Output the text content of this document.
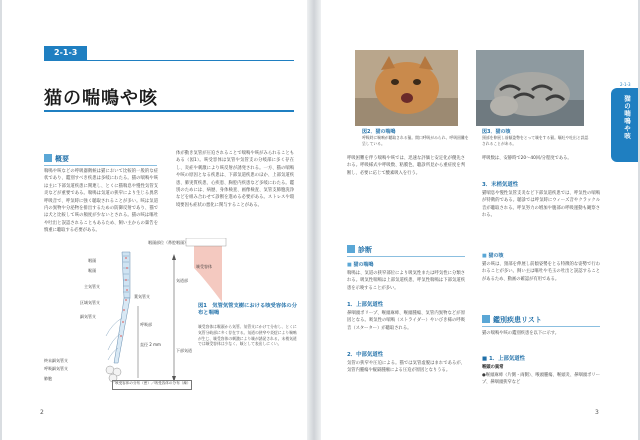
2-1-3
猫の喘鳴や咳
概要

喘鳴や咳などの呼吸器徴候は猫において比較的一般的な症状であり、鑑別すべき疾患は多岐にわたる。猫の喘鳴や咳は主に下部気道疾患に関連し、とくに猫喘息や慢性気管支炎などが重要である。喘鳴は気道の狭窄により生じる異常呼吸音で、呼気時に強く聴取されることが多い。咳は気道内の異物や分泌物を排出するための防御反射であり、猫では犬と比較して咳の頻度が少ないとされる。猫の咳は嘔吐や吐出と誤認されることもあるため、飼い主からの稟告を慎重に聴取する必要がある。

体が動き気管が圧迫されることで喘鳴や咳がみられることもある（図1）。咳受容体は気管や気管支の分岐部に多く存在し、炎症や刺激により咳反射が誘発される。一方、猫の喘鳴や咳の原因となる疾患は、下部気道疾患のほか、上部気道疾患、肺実質疾患、心疾患、胸腔内疾患など多岐にわたる。鑑別のためには、病歴、身体検査、画像検査、気管支肺胞洗浄などを組み合わせて診断を進める必要がある。ストレスや環境要因も症状の悪化に関与することがある。

咽頭部位（鼻腔咽頭）
咽頭
喉頭
主気管支
葉気管支
区域気管支
細気管支
気道部
呼吸部
直径 2 mm
下部気道
終末細気管支
呼吸細気管支
肺胞
咳受容体
図1　気管気管支樹における咳受容体の分布と喘鳴
咳受容体は喉頭から気管、気管支にかけて分布し、とくに気管分岐部に多く存在する。気道の狭窄や炎症により喘鳴が生じ、咳受容体の刺激により咳が誘発される。末梢気道では咳受容体は少なく、咳として表出しにくい。
咳受容体の分布（密）／咳受容体の分布（疎）
2
図2．猫の喘鳴
呼吸時に喘鳴が聴取される猫。開口呼吸がみられ、呼吸困難を呈している。
図3．猫の咳
頸部を伸展し前傾姿勢をとって咳をする猫。嘔吐や吐出と誤認されることがある。
2-1-3
猫の喘鳴や咳

呼吸困難を伴う喘鳴や咳では、迅速な評価と安定化が優先される。呼吸様式や呼吸数、粘膜色、聴診所見から重症度を判断し、必要に応じて酸素吸入を行う。

診断
■ 猫の喘鳴

喘鳴は、気道の狭窄部位により吸気性または呼気性に分類される。吸気性喘鳴は上部気道疾患、呼気性喘鳴は下部気道疾患を示唆することが多い。

1．上部気道性

鼻咽頭ポリープ、喉頭麻痺、喉頭腫瘍、気管内異物などが原因となる。吸気性の喘鳴（ストライダー）やいびき様の呼吸音（スターター）が聴取される。

2．中部気道性

気管の狭窄や圧迫による。猫では気管虚脱はまれであるが、気管内腫瘍や縦隔腫瘤による圧迫が原因となりうる。

呼吸数は、安静時で20〜40回/分程度である。

3．末梢気道性

猫喘息や慢性気管支炎など下部気道疾患では、呼気性の喘鳴が特徴的である。聴診では呼気時にウィーズ音やクラックル音が聴取される。呼気努力の増加や腹部の呼吸運動も観察される。

■ 猫の咳

猫の咳は、頸部を伸展し前傾姿勢をとる特徴的な姿勢で行われることが多い。飼い主は嘔吐や毛玉の吐出と誤認することがあるため、動画の確認が有用である。

鑑別疾患リスト

猫の喘鳴や咳の鑑別疾患を以下に示す。

■ 1．上部気道性
喉頭の異常

●喉頭麻痺（片側・両側）、喉頭腫瘍、喉頭炎、鼻咽頭ポリープ、鼻咽頭狭窄など

3
